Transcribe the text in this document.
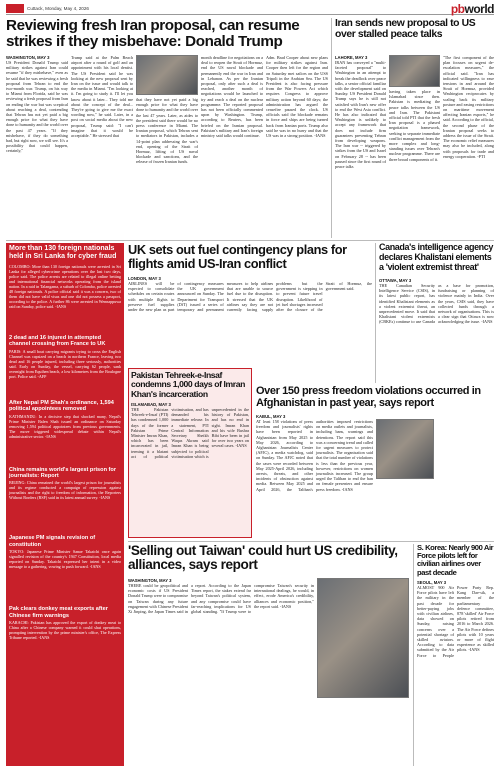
Cuttack, Monday, May 4, 2026	pbworld
Reviewing fresh Iran proposal, can resume strikes if they misbehave: Donald Trump
WASHINGTON, MAY 3
US President Donald Trump said military strikes against Iran could resume "if they misbehave," even as he said that he was reviewing a fresh proposal from Tehran to end the two-month war. Trump, on his way to Miami from Florida, said he was reviewing a fresh proposal from Iran on ending the war but was sceptical about reaching a deal, contending that Tehran has not yet paid a big enough price for what they have done to humanity and the world over the past 47 years. "If they misbehave, if they do something bad, but right now, we will see. It's a possibility that could happen, certainly,"
Trump said at the Palm Beach airport after a round of golf and an appointment with his local dentist. The US President said he was looking at the new proposal sent by Iran on the issue and would talk to the media in Miami. "I'm looking at it. I'm going to study it. I'll let you know about it later... They told me about the concept of the deal... They're going to give me the exact wording now," he said. Later, in a post on social media about the new proposal, Trump said: "I can't imagine that it would be acceptable." He stressed that
that they have not yet paid a big enough price for what they have done to humanity and the world over the last 47 years. Later, as aides to the president said there would be no press conference in Miami. The Iranian proposal, which Tehran sent to mediators in Pakistan, includes a 14-point plan addressing the war's end, opening of the Strait of Hormuz, lifting of US naval blockade and sanctions, and the release of frozen Iranian funds.
month deadline for negotiations on a deal to reopen the Strait of Hormuz, end the US naval blockade and permanently end the war in Iran and in Lebanon. As per the Iranian proposal, only after such a deal is reached, another month of negotiations would be launched to try and reach a deal on the nuclear programme. The reported proposal has not been officially commented upon by Washington. Trump, according to Reuters, has been briefed on the Iranian proposal. Pakistan's military and Iran's foreign ministry said talks would continue.
Adm. Brad Cooper about new plans for military strikes against Iran. Cooper then left for the region and on Saturday met sailors on the USS Tripoli in the Arabian Sea. The US President is also facing pressure from the War Powers Act which requires Congress to approve military action beyond 60 days; the administration has argued the ceasefire paused the clock. US officials said the blockade remains in force and ships are being turned back from Iranian ports. Trump also said he was in no hurry and that the US was in a strong position. -IANS
Iran sends new proposal to US over stalled peace talks
LAHORE, MAY 3
IRAN has conveyed a "multi-faceted proposal" to Washington in an attempt to break the deadlock over peace talks, a senior official familiar with the development said on Sunday. US President Donald Trump says he is still not satisfied with Iran's new offer to end the West Asia conflict. He has also indicated that Washington is unlikely to accept any framework that does not include firm guarantees preventing Tehran from developing weapons. The Iran war -- triggered by strikes from the US and Israel on February 28 -- has been paused since the first round of peace talks
having taken place in Islamabad since then. Pakistan is mediating the peace talks between the US and Iran. The Pakistani official told PTI that the fresh Iran proposal is a phased negotiation framework, seeking to separate immediate conflict management from the more complex and long-standing issues over Tehran's nuclear programme. There are three broad components of it.
"The first component of the plan focuses on urgent de-escalation measures," the official said. "Iran has indicated willingness to ease tensions in and around the Strait of Hormuz, provided Washington reciprocates by scaling back its military posture and easing restrictions on maritime movement affecting Iranian exports," he said. According to the official, the second phase of the Iranian proposal seeks to address the issue of the Strait. The economic relief measures may also be included, along with proposals for trade and energy cooperation. -PTI
More than 130 foreign nationals held in Sri Lanka for cyber fraud
COLOMBO: More than 130 foreign nationals were arrested in Sri Lanka for alleged cybercrime operations over the last two days, police said. The police arrests are related to illegal online betting and international financial networks operating from the island nation. In a raid in Talangama, a suburb of Colombo, police arrested 48 foreign nationals. A police official said it was a concern, two of them did not have valid visas and one did not possess a passport, according to the police. A further 86 were arrested in Wennappuwa raid on Sunday, police said. -IANS
2 dead and 16 injured in attempted channel crossing from France to UK
PARIS: A small boat carrying migrants trying to cross the English Channel was capsized on a beach in northern France, leaving two dead and 16 people injured, including three seriously, authorities said. Early on Sunday, the vessel, carrying 62 people, sank overnight from Equihen beach, a low kilometres from the Boulogne port. Police said. -AFP
After Nepal PM Shah's ordinance, 1,594 political appointees removed
KATHMANDU: In a decisive step that shocked many, Nepal's Prime Minister Balen Shah issued an ordinance on Saturday removing 1,594 political appointees from previous governments. The move triggered widespread debate within Nepal's administrative sector. -IANS
China remains world's largest prison for journalists: Report
BEIJING: China remained the world's largest prison for journalists and its regime conducted a campaign of repression against journalists and the right to freedom of information, the Reporters Without Borders (RSF) said in its latest annual survey. -IANS
Japanese PM signals revision of constitution
TOKYO: Japanese Prime Minister Sanae Takaichi once again signalled revision of the country's 1947 Constitution, local media reported on Sunday. Takaichi expressed her intent in a video message to a gathering, vowing to push forward. -IANS
Pak clears donkey meat exports after Chinese firm warnings
KARACHI: Pakistan has approved the export of donkey meat to China after a Chinese company warned it could shut operations, prompting intervention by the prime minister's office, The Express Tribune reported. -IANS
UK sets out fuel contingency plans for flights amid US-Iran conflict
LONDON, MAY 3
AIRLINES will be expected to consolidate schedules on certain routes with multiple flights to preserve fuel supplies under the new plan as part of contingency measures the UK government announced on Sunday. The Department for Transport (DfT) issued a series of temporary and permanent measures to help airlines that are unable to source fuel due to the disruption. It stressed that the UK airlines say they are not currently facing supply problems but the government is stepping in to prevent future travel disruption. Likelihood of jet fuel shortages increased after the closure of the Strait of Hormuz, the government said.
Canada's intelligence agency declares Khalistani elements a 'violent extremist threat'
OTTAWA, MAY 3
THE Canadian Security Intelligence Service (CSIS), in its latest public report, has identified Khalistani elements as a violent extremist threat, an unprecedented move. It said that Khalistani violent extremists (CBKEs) continue to use Canada as a base for promotion, fundraising or planning of violence mainly in India. Over the years, CSIS said, they have collected funds through a network of organisations. This is a clear sign that Ottawa is now acknowledging the issue. -IANS
Pakistan Tehreek-e-Insaf condemns 1,000 days of Imran Khan's incarceration
ISLAMABAD, MAY 3
THE Pakistan Tehreek-e-Insaf (PTI) has condemned 1,000 days of the former Pakistan Prime Minister Imran Khan, which has been incarcerated in jail, terming it a blatant act of political victimisation, and has demanded his immediate release. In a statement, PTI Central Information Secretary Sheikh Waqas Akram said Imran Khan is being subjected to political victimisation which is unprecedented in the history of Pakistan, and has no end in sight. Imran Khan and his wife Bushra Bibi have been in jail for over two years on several cases. -IANS
Over 150 press freedom violations occurred in Afghanistan in past year, says report
KABUL, MAY 3
AT least 158 violations of press freedom and journalists' rights have been reported in Afghanistan from May 2025 to May 2026, according to Afghanistan Journalists Center (AFJC), a media watchdog, said on Sunday. The AFJC noted that the cases were recorded between May 2025-April 2026, including arrests, threats, and other incidents of obstruction against media. Between May 2025 and April 2026, the Taliban's authorities imposed restrictions on media outlets and journalists, including bans, warnings and detentions. The report said this was a concerning trend and called for urgent measures to protect journalists. The organisation said that the total number of violations is less than the previous year, however, restrictions on women journalists increased. The group urged the Taliban to end the ban on female presenters and ensure press freedom. -IANS
'Selling out Taiwan' could hurt US credibility, alliances, says report
WASHINGTON, MAY 3
THERE could be geopolitical and economic costs if US President Donald Trump were to compromise on Taiwan during any future engagement with Chinese President Xi Jinping, the Japan Times said in a report. According to the Japan Times report, the stakes extend far beyond Taiwan's political system, and any compromise could have far-reaching implications for US global standing. "If Trump were to compromise Taiwan's security in international dealings, he would, in effect, erode America's credibility, alliances and economic position," the report said. -IANS
S. Korea: Nearly 900 Air Force pilots left for civilian airlines over past decade
SEOUL, MAY 3
ALMOST 900 Air Force pilots have left the military in the past decade for better-paying jobs with civilian airlines, data showed on Sunday, raising concerns over a potential shortage of skilled aviators. According to data submitted by the Air Force to People Power Party Rep. Kang Dae-sik, a member of the parliamentary defence committee, 878 'skilled' Air Force pilots retired from 2016 to March 2026. The Air Force defines pilots with 10 years or more of flight experience as skilled pilots. -IANS
